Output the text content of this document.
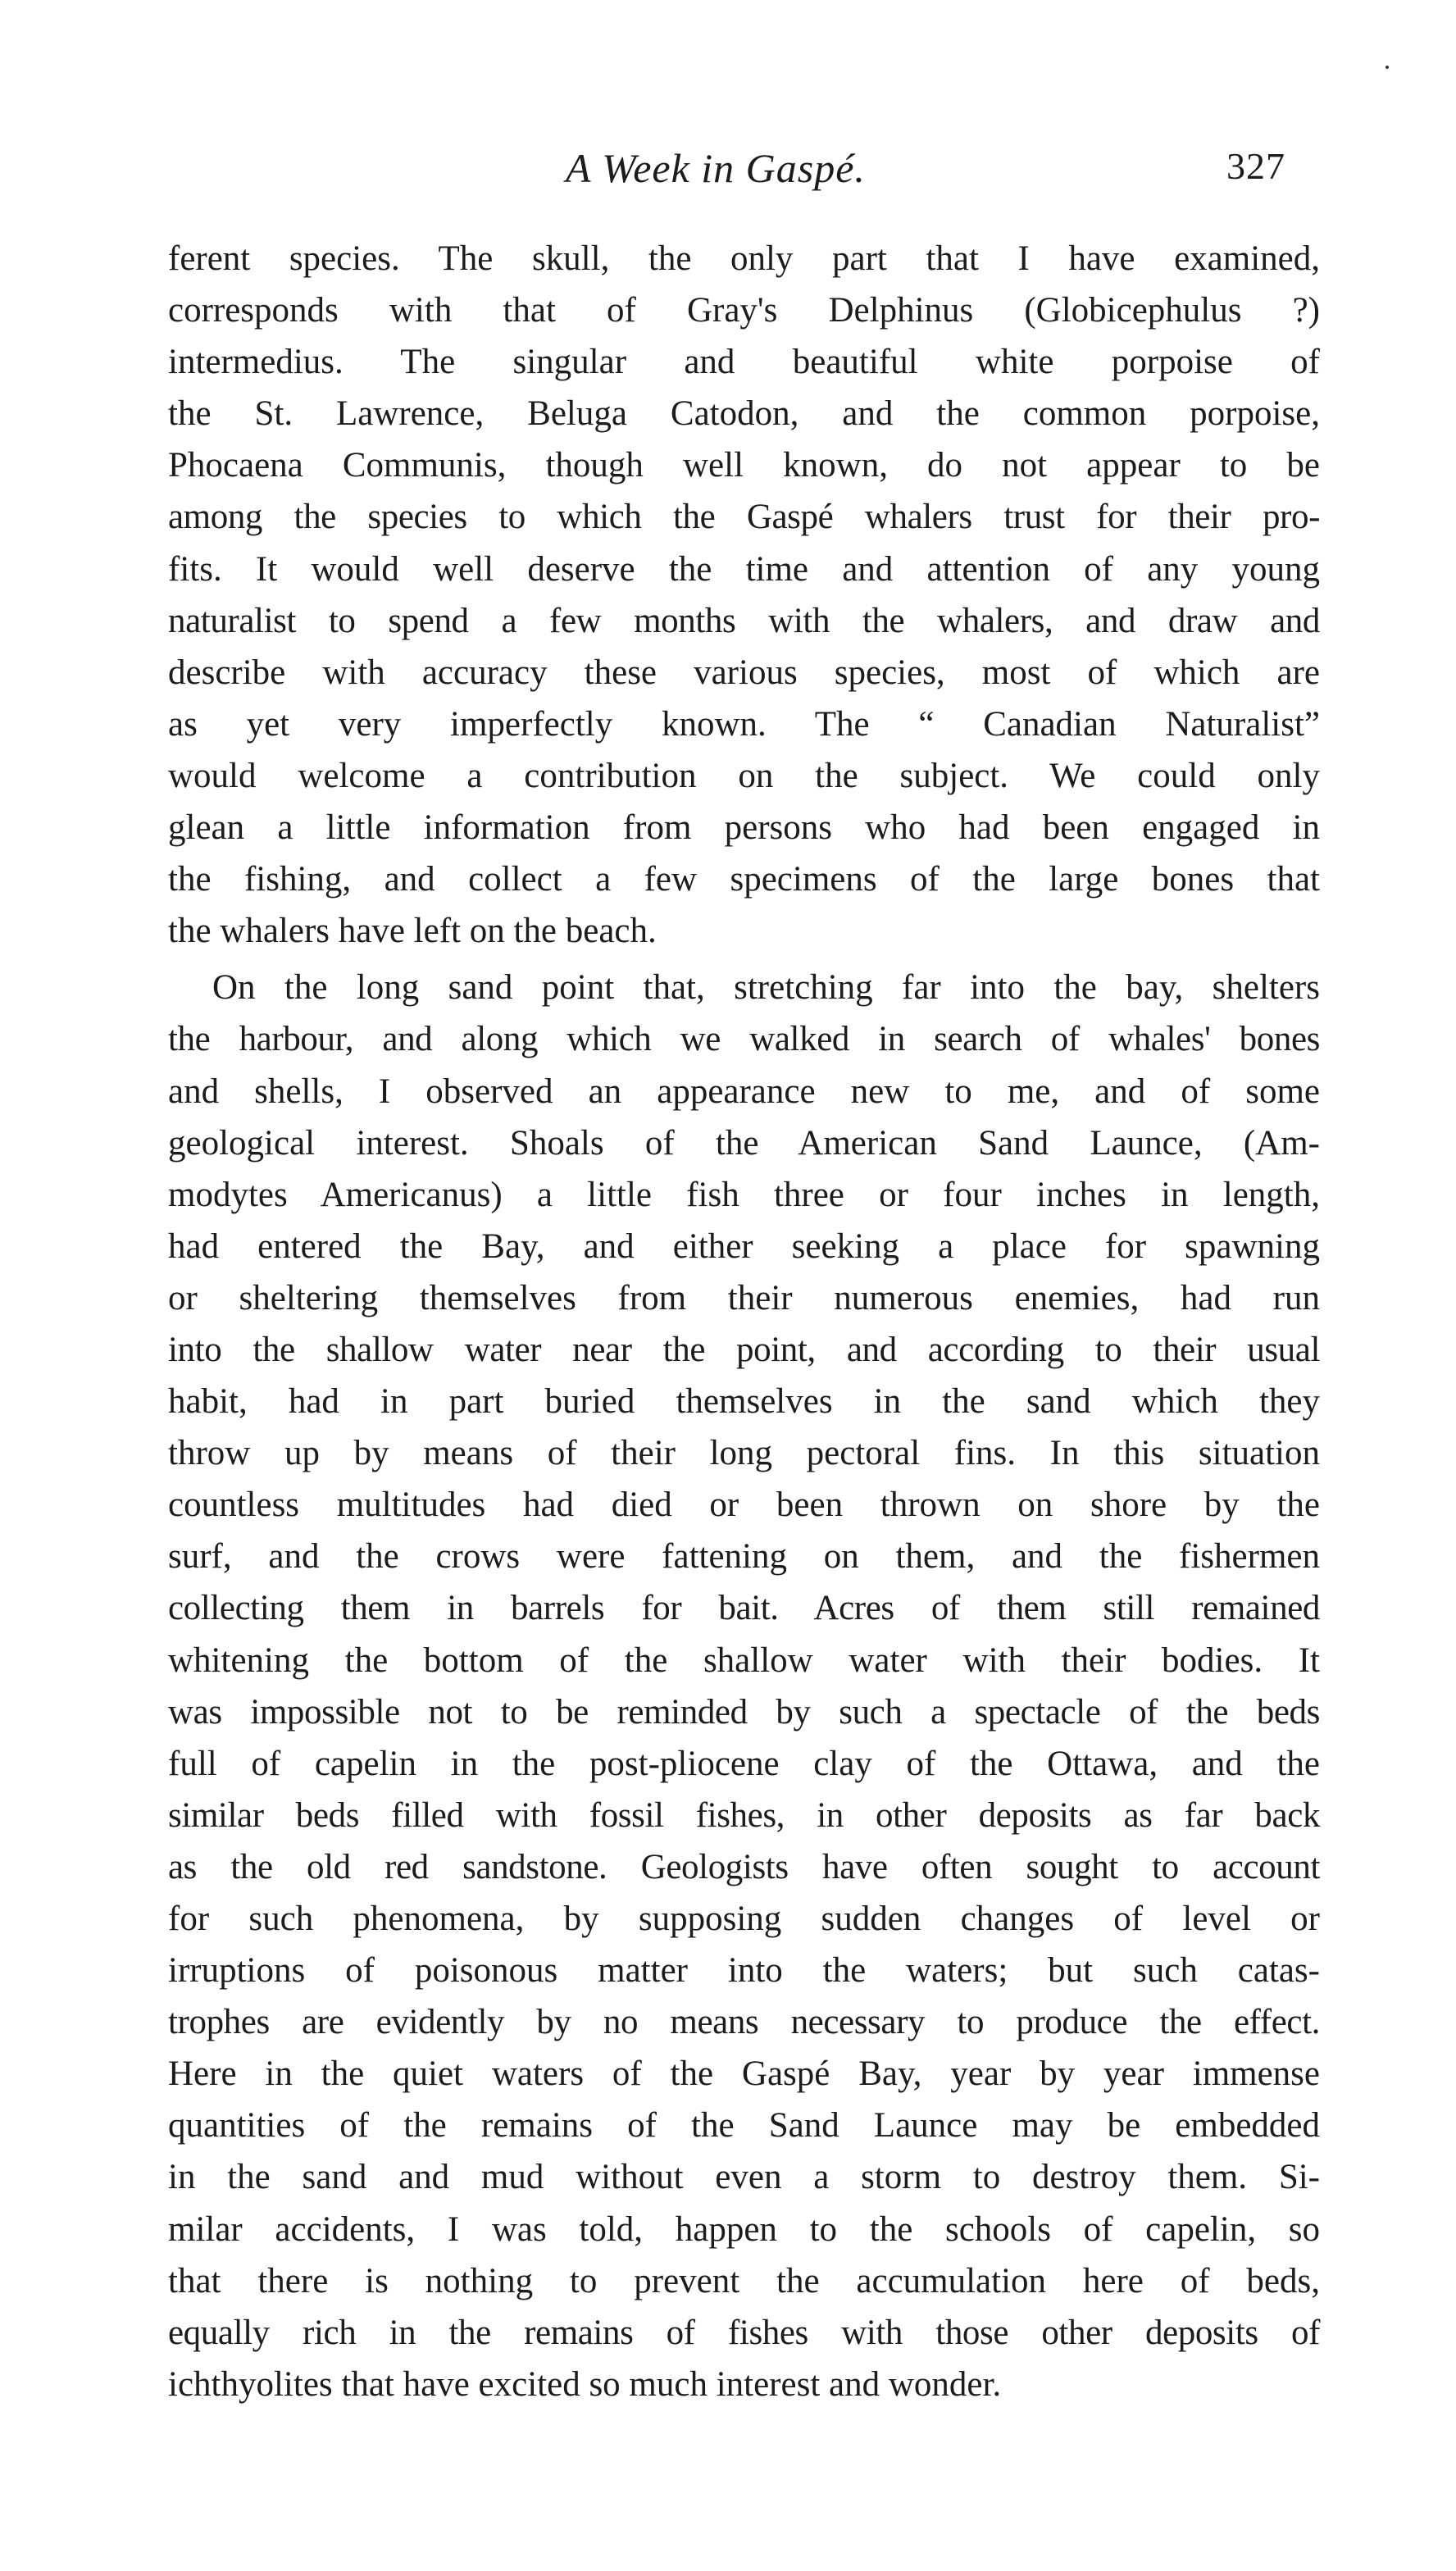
A Week in Gaspé.	327
ferent species. The skull, the only part that I have examined,
corresponds with that of Gray's Delphinus (Globicephulus ?)
intermedius. The singular and beautiful white porpoise of
the St. Lawrence, Beluga Catodon, and the common porpoise,
Phocaena Communis, though well known, do not appear to be
among the species to which the Gaspé whalers trust for their pro-
fits. It would well deserve the time and attention of any young
naturalist to spend a few months with the whalers, and draw and
describe with accuracy these various species, most of which are
as yet very imperfectly known. The “ Canadian Naturalist”
would welcome a contribution on the subject. We could only
glean a little information from persons who had been engaged in
the fishing, and collect a few specimens of the large bones that
the whalers have left on the beach.
On the long sand point that, stretching far into the bay, shelters
the harbour, and along which we walked in search of whales' bones
and shells, I observed an appearance new to me, and of some
geological interest. Shoals of the American Sand Launce, (Am-
modytes Americanus) a little fish three or four inches in length,
had entered the Bay, and either seeking a place for spawning
or sheltering themselves from their numerous enemies, had run
into the shallow water near the point, and according to their usual
habit, had in part buried themselves in the sand which they
throw up by means of their long pectoral fins. In this situation
countless multitudes had died or been thrown on shore by the
surf, and the crows were fattening on them, and the fishermen
collecting them in barrels for bait. Acres of them still remained
whitening the bottom of the shallow water with their bodies. It
was impossible not to be reminded by such a spectacle of the beds
full of capelin in the post-pliocene clay of the Ottawa, and the
similar beds filled with fossil fishes, in other deposits as far back
as the old red sandstone. Geologists have often sought to account
for such phenomena, by supposing sudden changes of level or
irruptions of poisonous matter into the waters; but such catas-
trophes are evidently by no means necessary to produce the effect.
Here in the quiet waters of the Gaspé Bay, year by year immense
quantities of the remains of the Sand Launce may be embedded
in the sand and mud without even a storm to destroy them. Si-
milar accidents, I was told, happen to the schools of capelin, so
that there is nothing to prevent the accumulation here of beds,
equally rich in the remains of fishes with those other deposits of
ichthyolites that have excited so much interest and wonder.
